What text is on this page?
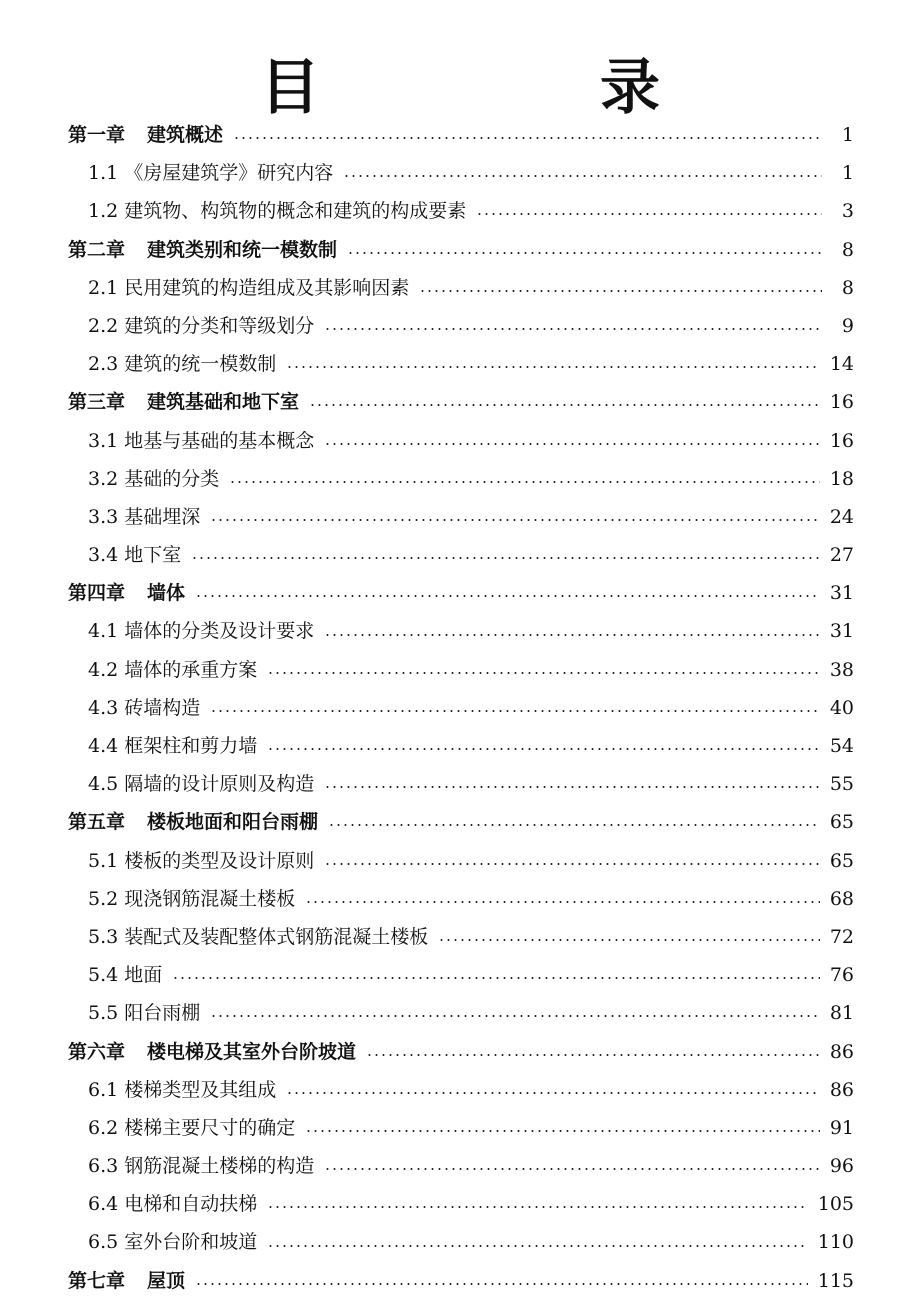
目　录
第一章 建筑概述	1
1.1 《房屋建筑学》研究内容	1
1.2 建筑物、构筑物的概念和建筑的构成要素	3
第二章 建筑类别和统一模数制	8
2.1 民用建筑的构造组成及其影响因素	8
2.2 建筑的分类和等级划分	9
2.3 建筑的统一模数制	14
第三章 建筑基础和地下室	16
3.1 地基与基础的基本概念	16
3.2 基础的分类	18
3.3 基础埋深	24
3.4 地下室	27
第四章 墙体	31
4.1 墙体的分类及设计要求	31
4.2 墙体的承重方案	38
4.3 砖墙构造	40
4.4 框架柱和剪力墙	54
4.5 隔墙的设计原则及构造	55
第五章 楼板地面和阳台雨棚	65
5.1 楼板的类型及设计原则	65
5.2 现浇钢筋混凝土楼板	68
5.3 装配式及装配整体式钢筋混凝土楼板	72
5.4 地面	76
5.5 阳台雨棚	81
第六章 楼电梯及其室外台阶坡道	86
6.1 楼梯类型及其组成	86
6.2 楼梯主要尺寸的确定	91
6.3 钢筋混凝土楼梯的构造	96
6.4 电梯和自动扶梯	105
6.5 室外台阶和坡道	110
第七章 屋顶	115
